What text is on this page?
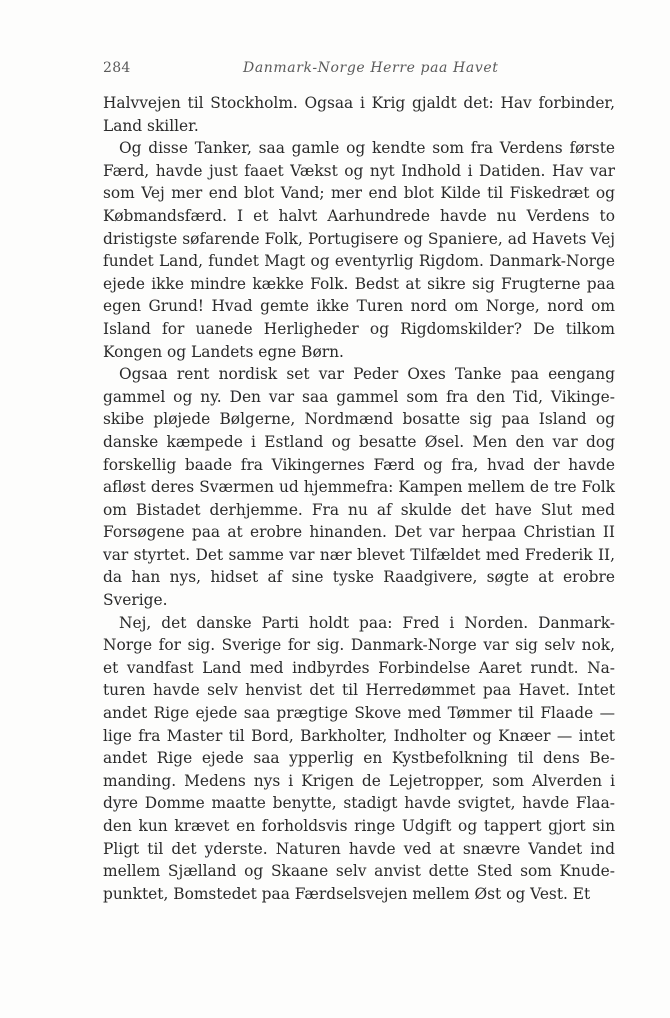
284	Danmark-Norge Herre paa Havet

Halvvejen til Stockholm. Ogsaa i Krig gjaldt det: Hav forbinder, Land skiller.

Og disse Tanker, saa gamle og kendte som fra Verdens første Færd, havde just faaet Vækst og nyt Indhold i Datiden. Hav var som Vej mer end blot Vand; mer end blot Kilde til Fiskedræt og Købmandsfærd. I et halvt Aarhundrede havde nu Verdens to dristigste søfarende Folk, Portugisere og Spaniere, ad Havets Vej fundet Land, fundet Magt og eventyrlig Rigdom. Danmark-Norge ejede ikke mindre kække Folk. Bedst at sikre sig Frugterne paa egen Grund! Hvad gemte ikke Turen nord om Norge, nord om Island for uanede Herligheder og Rigdomskilder? De tilkom Kongen og Landets egne Børn.

Ogsaa rent nordisk set var Peder Oxes Tanke paa eengang gammel og ny. Den var saa gammel som fra den Tid, Vikingeskibe pløjede Bølgerne, Nordmænd bosatte sig paa Island og danske kæmpede i Estland og besatte Øsel. Men den var dog forskellig baade fra Vikingernes Færd og fra, hvad der havde afløst deres Sværmen ud hjemmefra: Kampen mellem de tre Folk om Bistadet derhjemme. Fra nu af skulde det have Slut med Forsøgene paa at erobre hinanden. Det var herpaa Christian II var styrtet. Det samme var nær blevet Tilfældet med Frederik II, da han nys, hidset af sine tyske Raadgivere, søgte at erobre Sverige.

Nej, det danske Parti holdt paa: Fred i Norden. Danmark-Norge for sig. Sverige for sig. Danmark-Norge var sig selv nok, et vandfast Land med indbyrdes Forbindelse Aaret rundt. Naturen havde selv henvist det til Herredømmet paa Havet. Intet andet Rige ejede saa prægtige Skove med Tømmer til Flaade — lige fra Master til Bord, Barkholter, Indholter og Knæer — intet andet Rige ejede saa ypperlig en Kystbefolkning til dens Bemanding. Medens nys i Krigen de Lejetropper, som Alverden i dyre Domme maatte benytte, stadigt havde svigtet, havde Flaaden kun krævet en forholdsvis ringe Udgift og tappert gjort sin Pligt til det yderste. Naturen havde ved at snævre Vandet ind mellem Sjælland og Skaane selv anvist dette Sted som Knudepunktet, Bomstedet paa Færdselsvejen mellem Øst og Vest. Et
